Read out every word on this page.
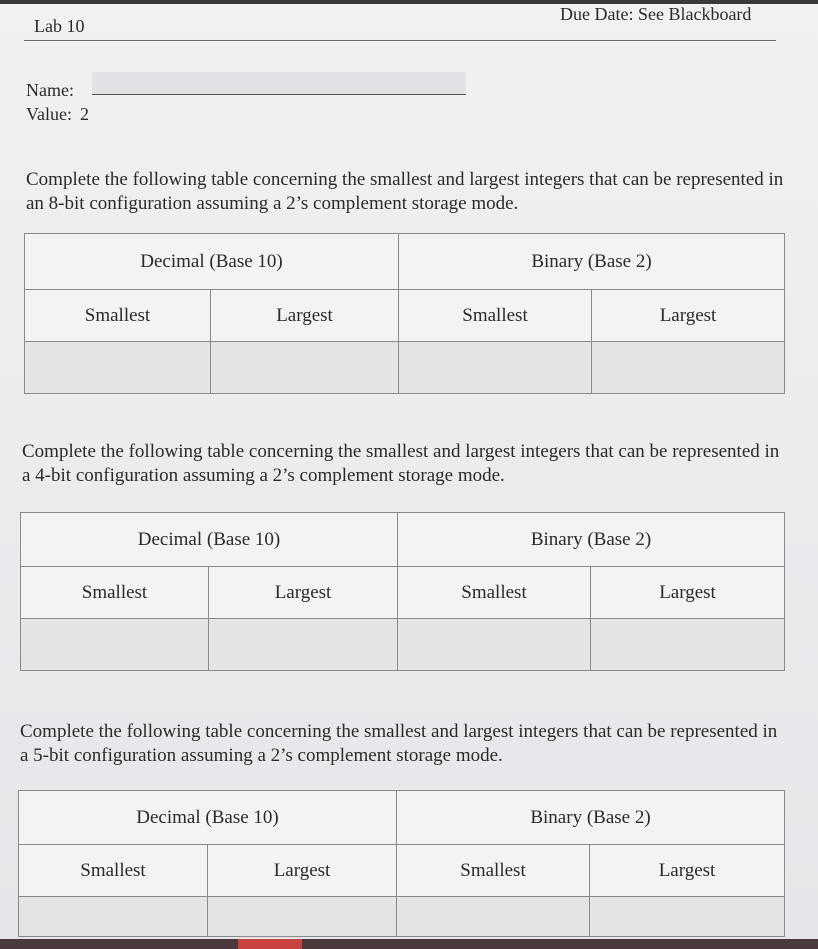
Lab 10
Due Date: See Blackboard
Name:
Value: 2
Complete the following table concerning the smallest and largest integers that can be represented in an 8-bit configuration assuming a 2’s complement storage mode.
Decimal (Base 10)		Binary (Base 2)	
Smallest	Largest	Smallest	Largest

Complete the following table concerning the smallest and largest integers that can be represented in a 4-bit configuration assuming a 2’s complement storage mode.
Decimal (Base 10)		Binary (Base 2)	
Smallest	Largest	Smallest	Largest

Complete the following table concerning the smallest and largest integers that can be represented in a 5-bit configuration assuming a 2’s complement storage mode.
Decimal (Base 10)		Binary (Base 2)	
Smallest	Largest	Smallest	Largest
